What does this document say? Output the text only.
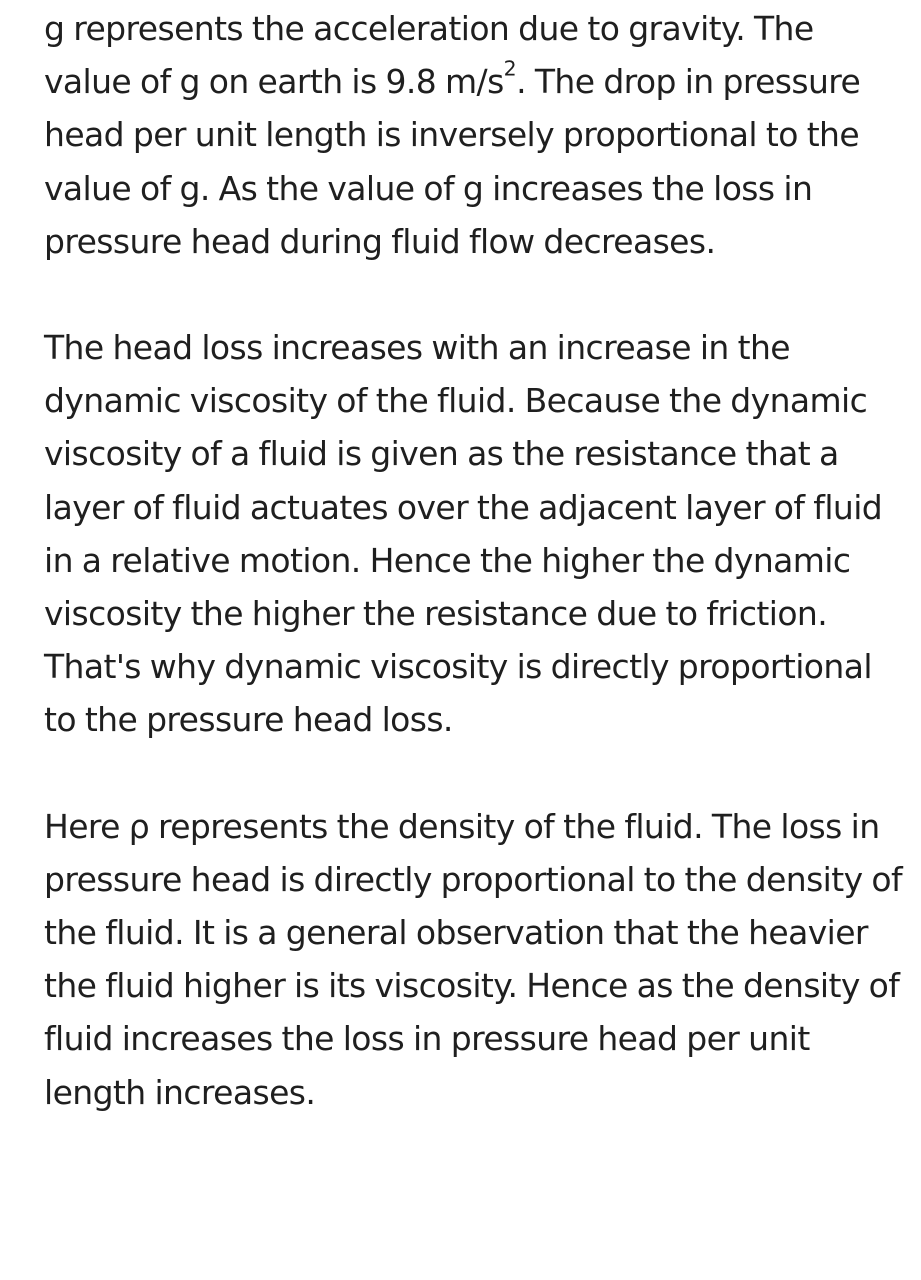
g represents the acceleration due to gravity. The value of g on earth is 9.8 $m/s^2$. The drop in pressure head per unit length is inversely proportional to the value of g. As the value of g increases the loss in pressure head during fluid flow decreases.

The head loss increases with an increase in the dynamic viscosity of the fluid. Because the dynamic viscosity of a fluid is given as the resistance that a layer of fluid actuates over the adjacent layer of fluid in a relative motion. Hence the higher the dynamic viscosity the higher the resistance due to friction. That's why dynamic viscosity is directly proportional to the pressure head loss.

Here ρ represents the density of the fluid. The loss in pressure head is directly proportional to the density of the fluid. It is a general observation that the heavier the fluid higher is its viscosity. Hence as the density of fluid increases the loss in pressure head per unit length increases.
